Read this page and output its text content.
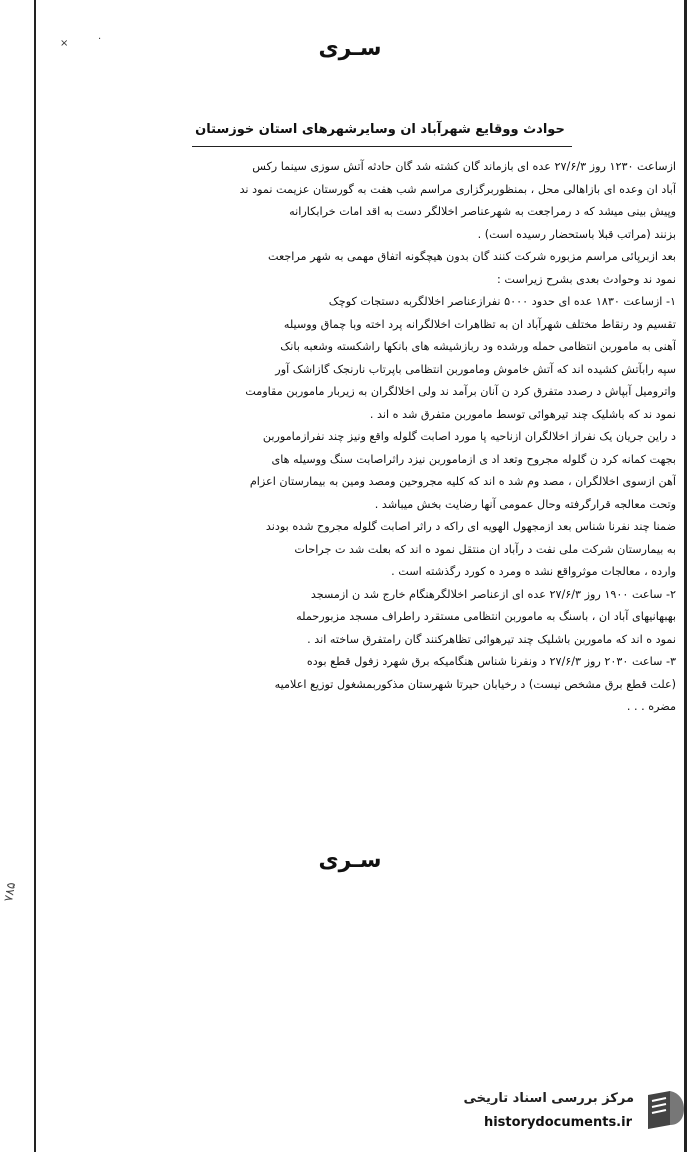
×	·	سـری
حوادث ووقایع شهرآباد ان وسایرشهرهای استان خوزستان
ازساعت ۱۲۳۰ روز ۲۷/۶/۳ عده ای بازماند گان کشته شد گان حادثه آتش سوزی سینما رکس
آباد ان وعده ای بازاهالی محل ، بمنظوربرگزاری مراسم شب هفت به گورستان عزیمت نمود ند
وپیش بینی میشد که د رمراجعت به شهرعناصر اخلالگر دست به اقد امات خرابکارانه
بزنند (مراتب قبلا باستحضار رسیده است) .
بعد ازبرپائی مراسم مزبوره شرکت کنند گان بدون هیچگونه اتفاق مهمی به شهر مراجعت
نمود ند وحوادث بعدی بشرح زیراست :
۱- ازساعت ۱۸۳۰ عده ای حدود ۵۰۰۰ نفرازعناصر اخلالگربه دستجات کوچک
تقسیم ود رنقاط مختلف شهرآباد ان به تظاهرات اخلالگرانه پرد اخته وبا چماق ووسیله
آهنی به ماموربن انتظامی حمله ورشده ود ربازشیشه های بانکها راشکسته وشعبه بانک
سپه رابآتش کشیده اند که آتش خاموش وماموربن انتظامی باپرتاب نارنجک گازاشک آور
واترومیل آبپاش د رصدد متفرق کرد ن آنان برآمد ند ولی اخلالگران به زیربار ماموربن مقاومت
نمود ند که باشلیک چند تیرهوائی توسط ماموربن متفرق شد ه اند .
د راین جریان یک نفراز اخلالگران ازناحیه پا مورد اصابت گلوله واقع ونیز چند نفرازماموربن
بجهت کمانه کرد ن گلوله مجروح وتعد اد ی ازماموربن نیزد راثراصابت سنگ ووسیله های
آهن ازسوی اخلالگران ، مصد وم شد ه اند که کلیه مجروحین ومصد ومین به بیمارستان اعزام
وتحت معالجه قرارگرفته وحال عمومی آنها رضایت بخش میباشد .
ضمنا چند نفرنا شناس بعد ازمجهول الهویه ای راکه د راثر اصابت گلوله مجروح شده بودند
به بیمارستان شرکت ملی نفت د رآباد ان منتقل نمود ه اند که بعلت شد ت جراحات
وارده ، معالجات موثرواقع نشد ه ومرد ه کورد رگذشته است .
۲- ساعت ۱۹۰۰ روز ۲۷/۶/۳ عده ای ازعناصر اخلالگرهنگام خارج شد ن ازمسجد
بهبهانیهای آباد ان ، باسنگ به ماموربن انتظامی مستقرد راطراف مسجد مزبورحمله
نمود ه اند که ماموربن باشلیک چند تیرهوائی تظاهرکنند گان رامتفرق ساخته اند .
۳- ساعت ۲۰۳۰ روز ۲۷/۶/۳ د ونفرنا شناس هنگامیکه برق شهرد زفول قطع بوده
(علت قطع برق مشخص نیست) د رخیابان حیرتا شهرستان مذکوربمشغول توزیع اعلامیه
مضره . . .
سـری
۷۸۵
مرکز بررسی اسناد تاریخی
historydocuments.ir
